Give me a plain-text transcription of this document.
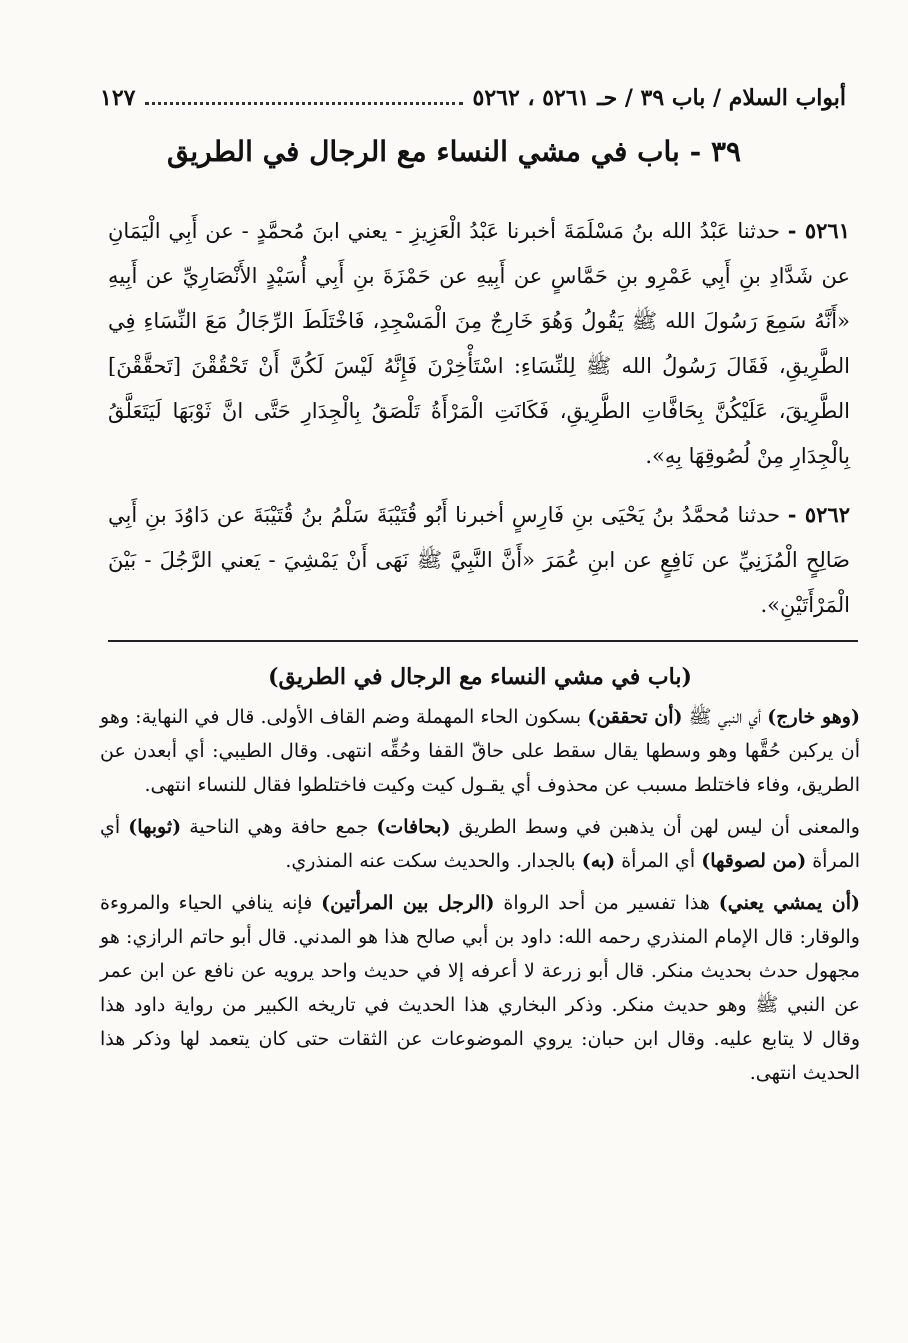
أبواب السلام / باب ٣٩ / حـ ٥٢٦١ ، ٥٢٦٢
١٢٧
٣٩ - باب في مشي النساء مع الرجال في الطريق
٥٢٦١ - حدثنا عَبْدُ الله بنُ مَسْلَمَةَ أخبرنا عَبْدُ الْعَزِيزِ - يعني ابنَ مُحمَّدٍ - عن أَبِي الْيَمَانِ عن شَدَّادِ بنِ أَبِي عَمْرِو بنِ حَمَّاسٍ عن أَبِيهِ عن حَمْزَةَ بنِ أَبِي أُسَيْدٍ الأَنْصَارِيِّ عن أَبِيهِ «أَنَّهُ سَمِعَ رَسُولَ الله ﷺ يَقُولُ وَهُوَ خَارِجٌ مِنَ الْمَسْجِدِ، فَاخْتَلَطَ الرِّجَالُ مَعَ النِّسَاءِ فِي الطَّرِيقِ، فَقَالَ رَسُولُ الله ﷺ لِلنِّسَاءِ: اسْتَأْخِرْنَ فَإِنَّهُ لَيْسَ لَكُنَّ أَنْ تَحْقُقْنَ [تَحقَّقْنَ] الطَّرِيقَ، عَلَيْكُنَّ بِحَافَّاتِ الطَّرِيقِ، فَكَانَتِ الْمَرْأَةُ تَلْصَقُ بِالْجِدَارِ حَتَّى انَّ ثَوْبَهَا لَيَتَعَلَّقُ بِالْجِدَارِ مِنْ لُصُوقِهَا بِهِ».
٥٢٦٢ - حدثنا مُحمَّدُ بنُ يَحْيَى بنِ فَارِسٍ أخبرنا أَبُو قُتَيْبَةَ سَلْمُ بنُ قُتَيْبَةَ عن دَاوُدَ بنِ أَبِي صَالِحٍ الْمُزَنِيِّ عن نَافِعٍ عن ابنِ عُمَرَ «أَنَّ النَّبِيَّ ﷺ نَهَى أَنْ يَمْشِيَ - يَعني الرَّجُلَ - بَيْنَ الْمَرْأَتَيْنِ».
(باب في مشي النساء مع الرجال في الطريق)

(وهو خارج) أي النبي ﷺ (أن تحققن) بسكون الحاء المهملة وضم القاف الأولى. قال في النهاية: وهو أن يركبن حُقَّها وهو وسطها يقال سقط على حاقّ القفا وحُقِّه انتهى. وقال الطيبي: أي أبعدن عن الطريق، وفاء فاختلط مسبب عن محذوف أي يقـول كيت وكيت فاختلطوا فقال للنساء انتهى.

والمعنى أن ليس لهن أن يذهبن في وسط الطريق (بحافات) جمع حافة وهي الناحية (ثوبها) أي المرأة (من لصوقها) أي المرأة (به) بالجدار. والحديث سكت عنه المنذري.

(أن يمشي يعني) هذا تفسير من أحد الرواة (الرجل بين المرأتين) فإنه ينافي الحياء والمروءة والوقار: قال الإمام المنذري رحمه الله: داود بن أبي صالح هذا هو المدني. قال أبو حاتم الرازي: هو مجهول حدث بحديث منكر. قال أبو زرعة لا أعرفه إلا في حديث واحد يرويه عن نافع عن ابن عمر عن النبي ﷺ وهو حديث منكر. وذكر البخاري هذا الحديث في تاريخه الكبير من رواية داود هذا وقال لا يتابع عليه. وقال ابن حبان: يروي الموضوعات عن الثقات حتى كان يتعمد لها وذكر هذا الحديث انتهى.
